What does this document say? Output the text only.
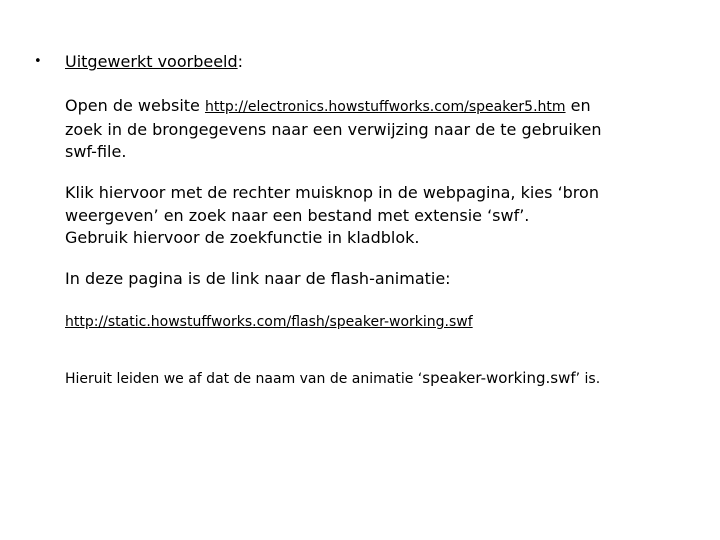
• Uitgewerkt voorbeeld:
Open de website http://electronics.howstuffworks.com/speaker5.htm en
zoek in de brongegevens naar een verwijzing naar de te gebruiken
swf-file.
Klik hiervoor met de rechter muisknop in de webpagina, kies ‘bron
weergeven’ en zoek naar een bestand met extensie ‘swf’.
Gebruik hiervoor de zoekfunctie in kladblok.
In deze pagina is de link naar de flash-animatie:
http://static.howstuffworks.com/flash/speaker-working.swf
Hieruit leiden we af dat de naam van de animatie ‘speaker-working.swf’ is.
